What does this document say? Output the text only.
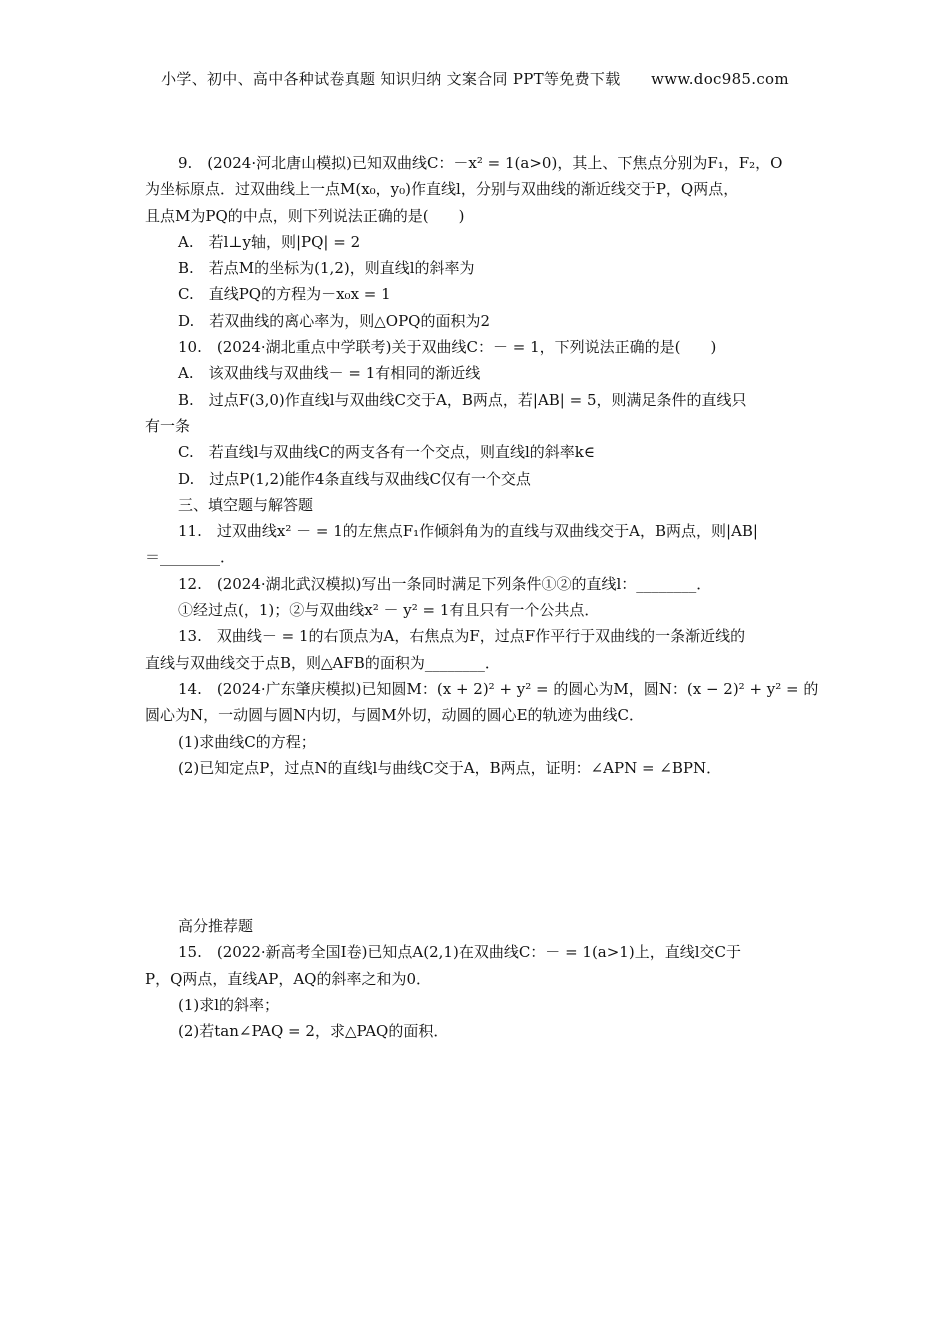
小学、初中、高中各种试卷真题 知识归纳 文案合同 PPT等免费下载　　www.doc985.com
9.　(2024·河北唐山模拟)已知双曲线C：－x² = 1(a>0)，其上、下焦点分别为F₁，F₂，O
为坐标原点．过双曲线上一点M(x₀，y₀)作直线l，分别与双曲线的渐近线交于P，Q两点，
且点M为PQ的中点，则下列说法正确的是(　　)
A.　若l⊥y轴，则|PQ| = 2
B.　若点M的坐标为(1,2)，则直线l的斜率为
C.　直线PQ的方程为－x₀x = 1
D.　若双曲线的离心率为，则△OPQ的面积为2
10.　(2024·湖北重点中学联考)关于双曲线C：－ = 1，下列说法正确的是(　　)
A.　该双曲线与双曲线－ = 1有相同的渐近线
B.　过点F(3,0)作直线l与双曲线C交于A，B两点，若|AB| = 5，则满足条件的直线只
有一条
C.　若直线l与双曲线C的两支各有一个交点，则直线l的斜率k∈
D.　过点P(1,2)能作4条直线与双曲线C仅有一个交点
三、填空题与解答题
11.　过双曲线x² － = 1的左焦点F₁作倾斜角为的直线与双曲线交于A，B两点，则|AB|
＝________．
12.　(2024·湖北武汉模拟)写出一条同时满足下列条件①②的直线l：________．
①经过点(，1)；②与双曲线x² － y² = 1有且只有一个公共点．
13.　双曲线－ = 1的右顶点为A，右焦点为F，过点F作平行于双曲线的一条渐近线的
直线与双曲线交于点B，则△AFB的面积为________．
14.　(2024·广东肇庆模拟)已知圆M：(x + 2)² + y² = 的圆心为M，圆N：(x − 2)² + y² = 的
圆心为N，一动圆与圆N内切，与圆M外切，动圆的圆心E的轨迹为曲线C．
(1)求曲线C的方程；
(2)已知定点P，过点N的直线l与曲线C交于A，B两点，证明：∠APN = ∠BPN．
高分推荐题
15.　(2022·新高考全国Ⅰ卷)已知点A(2,1)在双曲线C：－ = 1(a>1)上，直线l交C于
P，Q两点，直线AP，AQ的斜率之和为0．
(1)求l的斜率；
(2)若tan∠PAQ = 2，求△PAQ的面积．
